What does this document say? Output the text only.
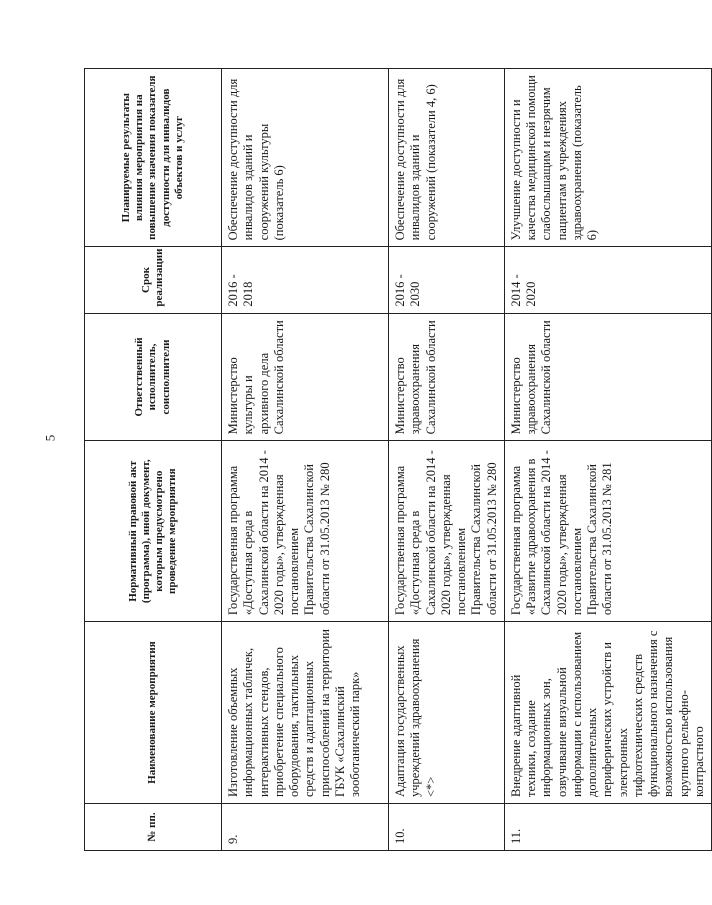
5
№ пп.	Наименование мероприятия	Нормативный правовой акт (программа), иной документ, которым предусмотрено проведение мероприятия	Ответственный исполнитель, соисполнители	Срок реализации	Планируемые результаты влияния мероприятия на повышение значения показателя доступности для инвалидов объектов и услуг
9.	Изготовление объемных информационных табличек, интерактивных стендов, приобретение специального оборудования, тактильных средств и адаптационных приспособлений на территории ГБУК «Сахалинский зооботанический парк»	Государственная программа «Доступная среда в Сахалинской области на 2014 - 2020 годы», утвержденная постановлением Правительства Сахалинской области от 31.05.2013 № 280	Министерство культуры и архивного дела Сахалинской области	2016 - 2018	Обеспечение доступности для инвалидов зданий и сооружений культуры (показатель 6)
10.	Адаптация государственных учреждений здравоохранения <*>	Государственная программа «Доступная среда в Сахалинской области на 2014 - 2020 годы», утвержденная постановлением Правительства Сахалинской области от 31.05.2013 № 280	Министерство здравоохранения Сахалинской области	2016 - 2030	Обеспечение доступности для инвалидов зданий и сооружений (показатели 4, 6)
11.	Внедрение адаптивной техники, создание информационных зон, озвучивание визуальной информации с использованием дополнительных периферических устройств и электронных тифлотехнических средств функционального назначения с возможностью использования крупного рельефно-контрастного	Государственная программа «Развитие здравоохранения в Сахалинской области на 2014 - 2020 годы», утвержденная постановлением Правительства Сахалинской области от 31.05.2013 № 281	Министерство здравоохранения Сахалинской области	2014 - 2020	Улучшение доступности и качества медицинской помощи слабослышащим и незрячим пациентам в учреждениях здравоохранения (показатель 6)
